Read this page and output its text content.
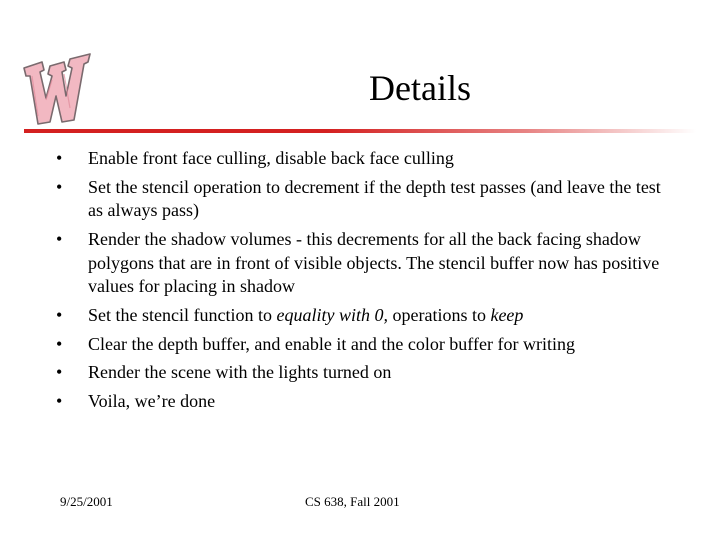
Details
• Enable front face culling, disable back face culling
• Set the stencil operation to decrement if the depth test passes (and leave the test as always pass)
• Render the shadow volumes - this decrements for all the back facing shadow polygons that are in front of visible objects. The stencil buffer now has positive values for placing in shadow
• Set the stencil function to equality with 0, operations to keep
• Clear the depth buffer, and enable it and the color buffer for writing
• Render the scene with the lights turned on
• Voila, we’re done
9/25/2001	CS 638, Fall 2001
